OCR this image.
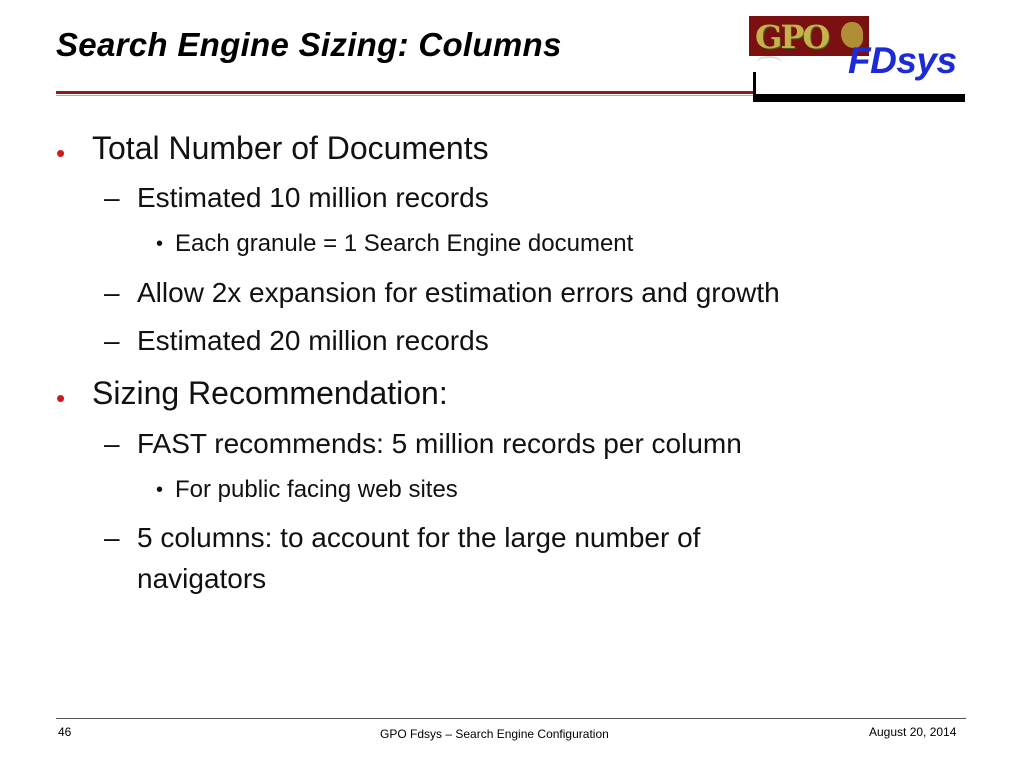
Search Engine Sizing: Columns	GPO
FDsys
• Total Number of Documents
– Estimated 10 million records
• Each granule = 1 Search Engine document
– Allow 2x expansion for estimation errors and growth
– Estimated 20 million records
• Sizing Recommendation:
– FAST recommends: 5 million records per column
• For public facing web sites
– 5 columns: to account for the large number of
navigators
46	GPO Fdsys – Search Engine Configuration	August 20, 2014
